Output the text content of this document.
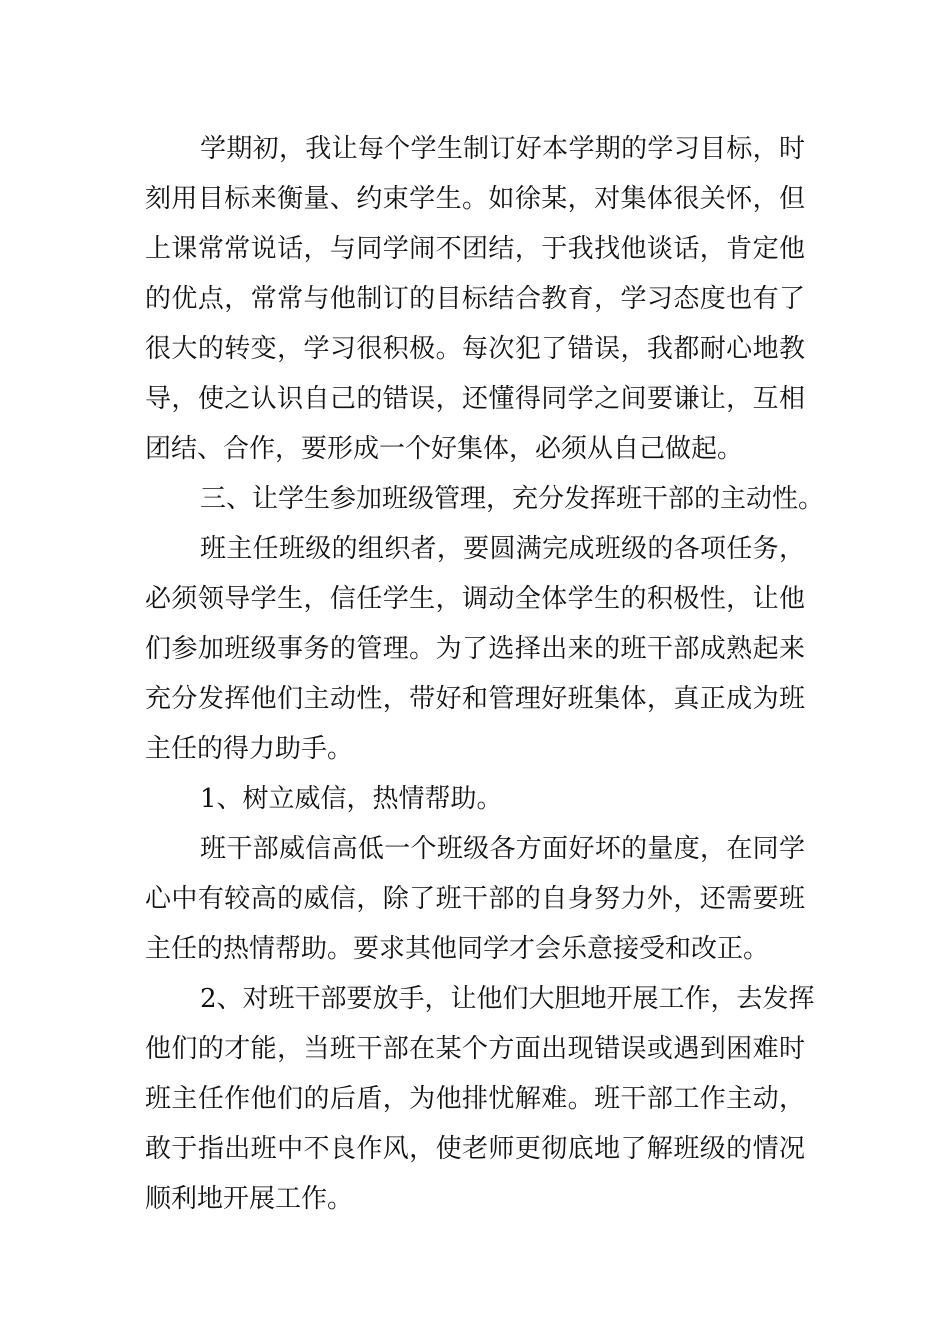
学期初，我让每个学生制订好本学期的学习目标，时
刻用目标来衡量、约束学生。如徐某，对集体很关怀，但
上课常常说话，与同学闹不团结，于我找他谈话，肯定他
的优点，常常与他制订的目标结合教育，学习态度也有了
很大的转变，学习很积极。每次犯了错误，我都耐心地教
导，使之认识自己的错误，还懂得同学之间要谦让，互相
团结、合作，要形成一个好集体，必须从自己做起。
三、让学生参加班级管理，充分发挥班干部的主动性。
班主任班级的组织者，要圆满完成班级的各项任务，
必须领导学生，信任学生，调动全体学生的积极性，让他
们参加班级事务的管理。为了选择出来的班干部成熟起来
充分发挥他们主动性，带好和管理好班集体，真正成为班
主任的得力助手。
1、树立威信，热情帮助。
班干部威信高低一个班级各方面好坏的量度，在同学
心中有较高的威信，除了班干部的自身努力外，还需要班
主任的热情帮助。要求其他同学才会乐意接受和改正。
2、对班干部要放手，让他们大胆地开展工作，去发挥
他们的才能，当班干部在某个方面出现错误或遇到困难时
班主任作他们的后盾，为他排忧解难。班干部工作主动，
敢于指出班中不良作风，使老师更彻底地了解班级的情况
顺利地开展工作。
